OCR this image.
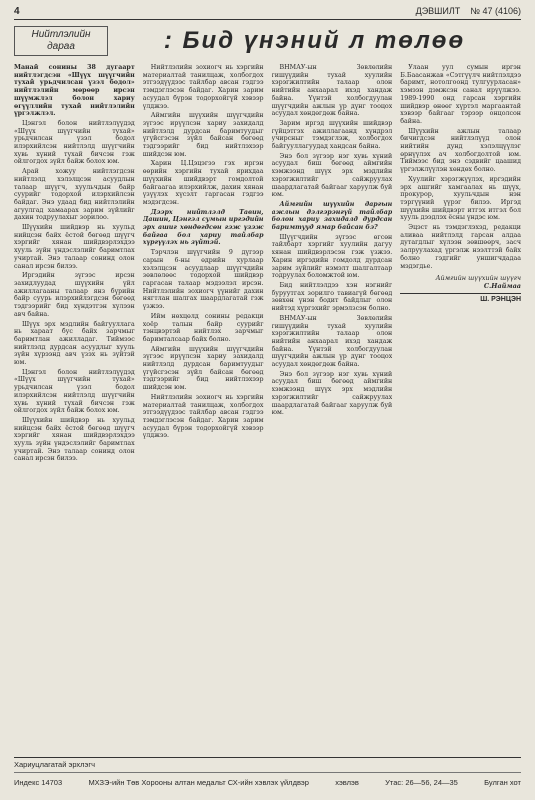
4	ДЭВШИЛТ № 47 (4106)
Нийтлэлийн
дараа	: Бид үнэний л төлөө

Манай сонины 38 дугаарт нийтлэгдсэн «Шүүх шүүгчийн тухай урьдчилсан үзэл бодол» нийтлэлийн мөрөөр ирсэн шүүмжлэл болон хариу өгүүллийн тухай нийтлэлийн үргэлжлэл.

Цэнгэл болон нийтлэлүүдэд «Шүүх шүүгчийн тухай» урьдчилсан үзэл бодол илэрхийлсэн нийтлэлд шүүгчийн хувь хүний тухай бичсэн гэж ойлгогдох зүйл байж болох юм.

Арай хожуу нийтлэгдсэн нийтлэлд хэлэлцсэн асуудлын талаар шүүгч, хуульчдын байр суурийг тодорхой илэрхийлсэн байдаг. Энэ удаад бид нийтлэлийн агуулгад хамаарах зарим зүйлийг дахин тодруулахыг зорилоо.

Шүүхийн шийдвэр нь хуульд нийцсэн байх ёстой бөгөөд шүүгч хэргийг хянан шийдвэрлэхдээ хууль зүйн үндэслэлийг баримтлах учиртай. Энэ талаар сонинд олон санал ирсэн билээ.

Иргэдийн зүгээс ирсэн захидлуудад шүүхийн үйл ажиллагааны талаар янз бүрийн байр суурь илэрхийлэгдсэн бөгөөд тэдгээрийг бид хүндэтгэн хүлээн авч байна.

Шүүх эрх мэдлийн байгууллага нь хараат бус байх зарчмыг баримтлан ажилладаг. Тиймээс нийтлэлд дурдсан асуудлыг хууль зүйн хүрээнд авч үзэх нь зүйтэй юм.

Цэнгэл болон нийтлэлүүдэд «Шүүх шүүгчийн тухай» урьдчилсан үзэл бодол илэрхийлсэн нийтлэлд шүүгчийн хувь хүний тухай бичсэн гэж ойлгогдох зүйл байж болох юм.

Шүүхийн шийдвэр нь хуульд нийцсэн байх ёстой бөгөөд шүүгч хэргийг хянан шийдвэрлэхдээ хууль зүйн үндэслэлийг баримтлах учиртай. Энэ талаар сонинд олон санал ирсэн билээ.

Нийтлэлийн зохиогч нь хэргийн материалтай танилцаж, холбогдох этгээдүүдээс тайлбар авсан гэдгээ тэмдэглэсэн байдаг. Харин зарим асуудал бүрэн тодорхойгүй хэвээр үлджээ.

Аймгийн шүүхийн шүүгчдийн зүгээс ирүүлсэн хариу захидалд нийтлэлд дурдсан баримтуудыг үгүйсгэсэн зүйл байсан бөгөөд тэдгээрийг бид нийтлэхээр шийдсэн юм.

Харин Ц.Цэцэгээ гэх иргэн өөрийн хэргийн тухай ярихдаа шүүхийн шийдвэрт гомдолтой байгаагаа илэрхийлж, дахин хянан үзүүлэх хүсэлт гаргасан гэдгээ мэдэгдсэн.

Дээрх нийтлэлд Тавин, Дашин, Цэнгэл сумын иргэдийн эрх ашиг хөндөгдсөн гэж үзэж байгаа бол хариу тайлбар хүргүүлэх нь зүйтэй.

Тэрчлэн шүүгчийн 9 дүгээр сарын 6-ны өдрийн хурлаар хэлэлцсэн асуудлаар шүүгчдийн зөвлөлөөс тодорхой шийдвэр гаргасан талаар мэдээлэл ирсэн. Нийтлэлийн зохиогч үүнийг дахин нягтлан шалгах шаардлагатай гэж үзжээ.

Ийм нөхцөлд сонины редакци хоёр талын байр суурийг тэнцвэртэй нийтлэх зарчмыг баримталсаар байх болно.

Аймгийн шүүхийн шүүгчдийн зүгээс ирүүлсэн хариу захидалд нийтлэлд дурдсан баримтуудыг үгүйсгэсэн зүйл байсан бөгөөд тэдгээрийг бид нийтлэхээр шийдсэн юм.

Нийтлэлийн зохиогч нь хэргийн материалтай танилцаж, холбогдох этгээдүүдээс тайлбар авсан гэдгээ тэмдэглэсэн байдаг. Харин зарим асуудал бүрэн тодорхойгүй хэвээр үлджээ.

ВНМАУ-ын Зөвлөлийн гишүүдийн тухай хуулийн хэрэгжилтийн талаар олон нийтийн анхаарал ихэд хандаж байна. Үүнтэй холбогдуулан шүүгчдийн ажлын үр дүнг тооцох асуудал хөндөгдөж байна.

Зарим иргэд шүүхийн шийдвэр гүйцэтгэх ажиллагаанд хүндрэл учирсныг тэмдэглэж, холбогдох байгууллагуудад хандсан байна.

Энэ бол зүгээр нэг хувь хүний асуудал биш бөгөөд аймгийн хэмжээнд шүүх эрх мэдлийн хэрэгжилтийг сайжруулах шаардлагатай байгааг харуулж буй юм.

Аймгийн шүүхийн даргын ажлын дэлгэрэнгүй тайлбар болон хариу захидалд дурдсан баримтууд ямар байсан бэ?

Шүүгчдийн зүгээс өгсөн тайлбарт хэргийг хуулийн дагуу хянан шийдвэрлэсэн гэж үзжээ. Харин иргэдийн гомдолд дурдсан зарим зүйлийг нэмэлт шалгалтаар тодруулах боломжтой юм.

Бид нийтлэлдээ хэн нэгнийг буруутгах зорилго тавиагүй бөгөөд зөвхөн үнэн бодит байдлыг олон нийтэд хүргэхийг эрмэлзсэн болно.

ВНМАУ-ын Зөвлөлийн гишүүдийн тухай хуулийн хэрэгжилтийн талаар олон нийтийн анхаарал ихэд хандаж байна. Үүнтэй холбогдуулан шүүгчдийн ажлын үр дүнг тооцох асуудал хөндөгдөж байна.

Энэ бол зүгээр нэг хувь хүний асуудал биш бөгөөд аймгийн хэмжээнд шүүх эрх мэдлийн хэрэгжилтийг сайжруулах шаардлагатай байгааг харуулж буй юм.

Улаан уул сумын иргэн Б.Баасанжав «Сэтгүүлч нийтлэлдээ баримт, нотолгоонд тулгуурласан» хэмээн дэмжсэн санал ирүүлжээ. 1989-1990 онд гарсан хэргийн шийдвэр өнөөг хүртэл маргаантай хэвээр байгааг тэрээр онцолсон байна.

Шүүхийн ажлын талаар бичигдсэн нийтлэлүүд олон нийтийн дунд хэлэлцүүлэг өрнүүлэх ач холбогдолтой юм. Тиймээс бид энэ сэдвийг цаашид үргэлжлүүлэн хөндөх болно.

Хуулийг хэрэгжүүлэх, иргэдийн эрх ашгийг хамгаалах нь шүүх, прокурор, хуульчдын нэн тэргүүний үүрэг билээ. Иргэд шүүхийн шийдвэрт итгэх итгэл бол хууль дээдлэх ёсны үндэс юм.

Эцэст нь тэмдэглэхэд, редакци аливаа нийтлэлд гарсан алдаа дутагдлыг хүлээн зөвшөөрч, засч залруулахад үргэлж нээлттэй байх болно гэдгийг уншигчдадаа мэдэгдье.

Аймгийн шүүхийн шүүгч
С.Наймаа
Ш. РЭНЦЭН
Хариуцлагатай эрхлэгч
Индекс 14703	МХЗЭ-ийн Төв Хорооны алтан медальт СХ-ийн хэвлэх үйлдвэр	хэвлэв	Утас: 26—56, 24—35	Булган хот
